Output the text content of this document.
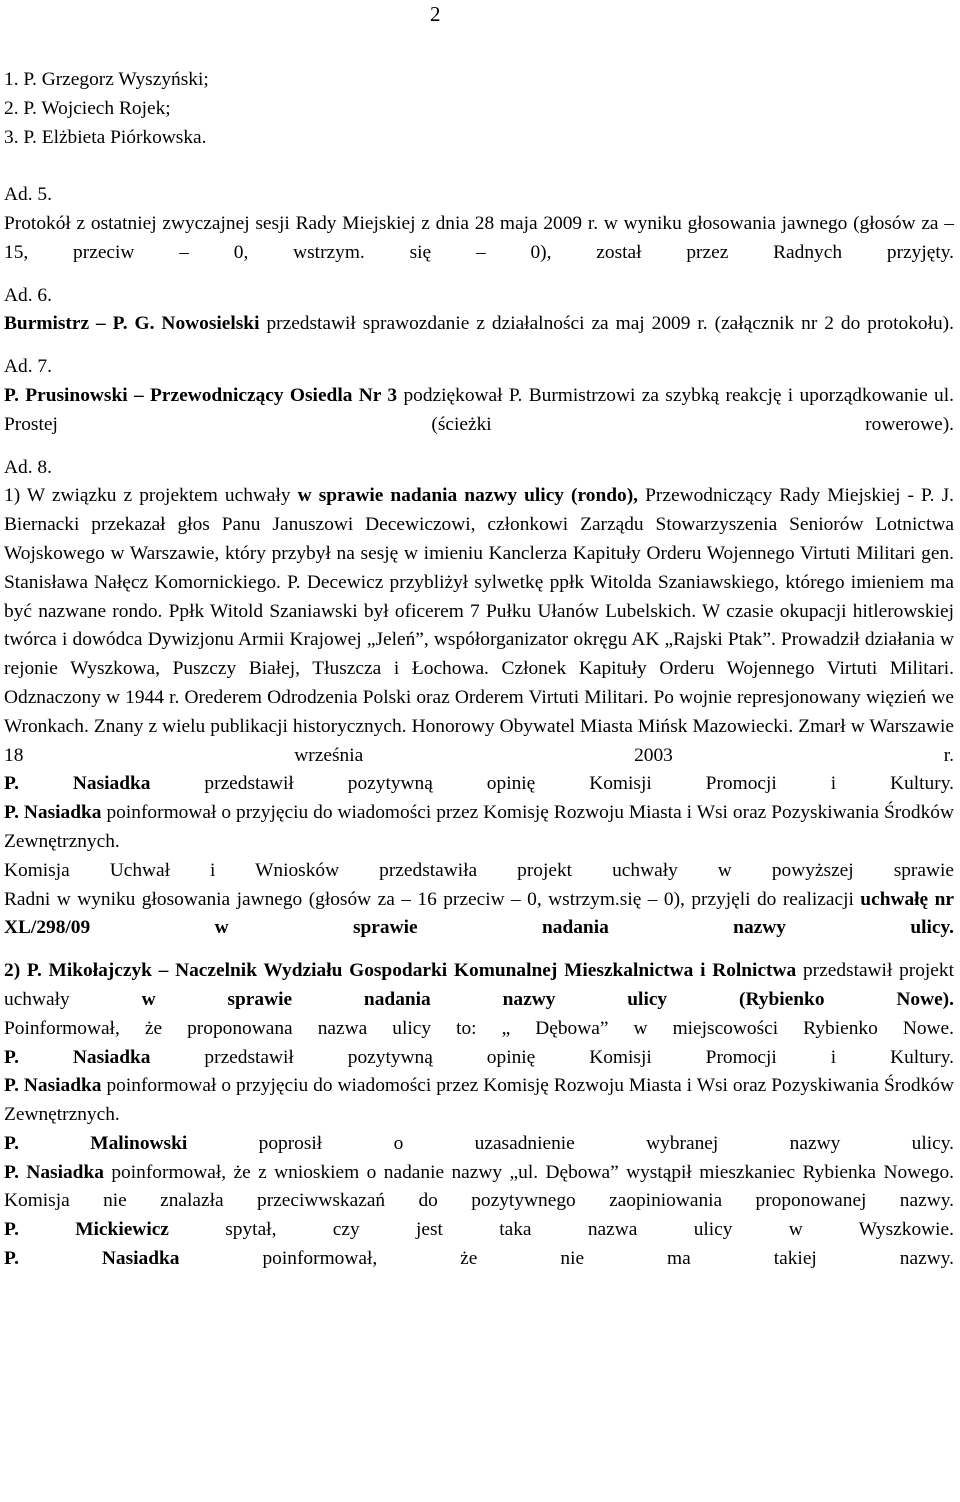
2
1. P. Grzegorz Wyszyński;
2. P. Wojciech Rojek;
3. P. Elżbieta Piórkowska.
Ad. 5.
Protokół z ostatniej zwyczajnej sesji Rady Miejskiej z dnia 28 maja 2009 r. w wyniku głosowania jawnego (głosów za – 15, przeciw – 0, wstrzym. się – 0), został przez Radnych przyjęty.
Ad. 6.
Burmistrz – P. G. Nowosielski przedstawił sprawozdanie z działalności za maj 2009 r. (załącznik nr 2 do protokołu).
Ad. 7.
P. Prusinowski – Przewodniczący Osiedla Nr 3 podziękował P. Burmistrzowi za szybką reakcję i uporządkowanie ul. Prostej (ścieżki rowerowe).
Ad. 8.
1) W związku z projektem uchwały w sprawie nadania nazwy ulicy (rondo), Przewodniczący Rady Miejskiej - P. J. Biernacki przekazał głos Panu Januszowi Decewiczowi, członkowi Zarządu Stowarzyszenia Seniorów Lotnictwa Wojskowego w Warszawie, który przybył na sesję w imieniu Kanclerza Kapituły Orderu Wojennego Virtuti Militari gen. Stanisława Nałęcz Komornickiego. P. Decewicz przybliżył sylwetkę ppłk Witolda Szaniawskiego, którego imieniem ma być nazwane rondo. Ppłk Witold Szaniawski był oficerem 7 Pułku Ułanów Lubelskich. W czasie okupacji hitlerowskiej twórca i dowódca Dywizjonu Armii Krajowej „Jeleń”, współorganizator okręgu AK „Rajski Ptak”. Prowadził działania w rejonie Wyszkowa, Puszczy Białej, Tłuszcza i Łochowa. Członek Kapituły Orderu Wojennego Virtuti Militari. Odznaczony w 1944 r. Orederem Odrodzenia Polski oraz Orderem Virtuti Militari. Po wojnie represjonowany więzień we Wronkach. Znany z wielu publikacji historycznych. Honorowy Obywatel Miasta Mińsk Mazowiecki. Zmarł w Warszawie 18 września 2003 r.
P. Nasiadka przedstawił pozytywną opinię Komisji Promocji i Kultury.
P. Nasiadka poinformował o przyjęciu do wiadomości przez Komisję Rozwoju Miasta i Wsi oraz Pozyskiwania Środków Zewnętrznych.
Komisja Uchwał i Wniosków przedstawiła projekt uchwały w powyższej sprawie
Radni w wyniku głosowania jawnego (głosów za – 16 przeciw – 0, wstrzym.się – 0), przyjęli do realizacji uchwałę nr XL/298/09 w sprawie nadania nazwy ulicy.
2) P. Mikołajczyk – Naczelnik Wydziału Gospodarki Komunalnej Mieszkalnictwa i Rolnictwa przedstawił projekt uchwały w sprawie nadania nazwy ulicy (Rybienko Nowe).
Poinformował, że proponowana nazwa ulicy to: „ Dębowa” w miejscowości Rybienko Nowe.
P. Nasiadka przedstawił pozytywną opinię Komisji Promocji i Kultury.
P. Nasiadka poinformował o przyjęciu do wiadomości przez Komisję Rozwoju Miasta i Wsi oraz Pozyskiwania Środków Zewnętrznych.
P. Malinowski poprosił o uzasadnienie wybranej nazwy ulicy.
P. Nasiadka poinformował, że z wnioskiem o nadanie nazwy „ul. Dębowa” wystąpił mieszkaniec Rybienka Nowego. Komisja nie znalazła przeciwwskazań do pozytywnego zaopiniowania proponowanej nazwy.
P. Mickiewicz spytał, czy jest taka nazwa ulicy w Wyszkowie.
P. Nasiadka poinformował, że nie ma takiej nazwy.
